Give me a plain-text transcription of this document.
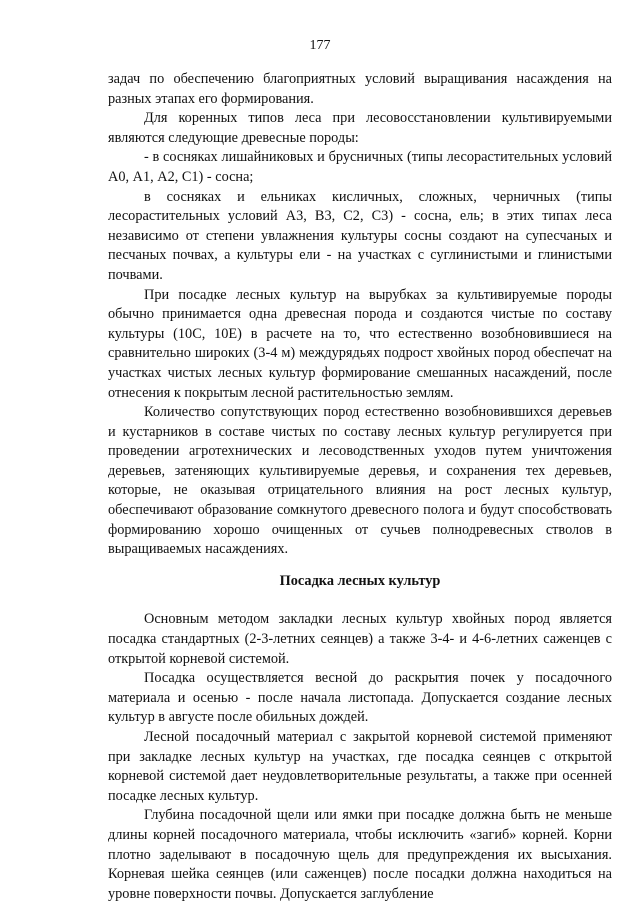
177

задач по обеспечению благоприятных условий выращивания насаждения на разных этапах его формирования.

Для коренных типов леса при лесовосстановлении культивируемыми являются следующие древесные породы:

- в сосняках лишайниковых и брусничных (типы лесорастительных условий А0, А1, А2, С1) - сосна;

в сосняках и ельниках кисличных, сложных, черничных (типы лесорастительных условий А3, В3, С2, С3) - сосна, ель; в этих типах леса независимо от степени увлажнения культуры сосны создают на супесчаных и песчаных почвах, а культуры ели - на участках с суглинистыми и глинистыми почвами.

При посадке лесных культур на вырубках за культивируемые породы обычно принимается одна древесная порода и создаются чистые по составу культуры (10С, 10Е) в расчете на то, что естественно возобновившиеся на сравнительно широких (3-4 м) междурядьях подрост хвойных пород обеспечат на участках чистых лесных культур формирование смешанных насаждений, после отнесения к покрытым лесной растительностью землям.

Количество сопутствующих пород естественно возобновившихся деревьев и кустарников в составе чистых по составу лесных культур регулируется при проведении агротехнических и лесоводственных уходов путем уничтожения деревьев, затеняющих культивируемые деревья, и сохранения тех деревьев, которые, не оказывая отрицательного влияния на рост лесных культур, обеспечивают образование сомкнутого древесного полога и будут способствовать формированию хорошо очищенных от сучьев полнодревесных стволов в выращиваемых насаждениях.

Посадка лесных культур

Основным методом закладки лесных культур хвойных пород является посадка стандартных (2-3-летних сеянцев) а также 3-4- и 4-6-летних саженцев с открытой корневой системой.

Посадка осуществляется весной до раскрытия почек у посадочного материала и осенью - после начала листопада. Допускается создание лесных культур в августе после обильных дождей.

Лесной посадочный материал с закрытой корневой системой применяют при закладке лесных культур на участках, где посадка сеянцев с открытой корневой системой дает неудовлетворительные результаты, а также при осенней посадке лесных культур.

Глубина посадочной щели или ямки при посадке должна быть не меньше длины корней посадочного материала, чтобы исключить «загиб» корней. Корни плотно заделывают в посадочную щель для предупреждения их высыхания. Корневая шейка сеянцев (или саженцев) после посадки должна находиться на уровне поверхности почвы. Допускается заглубление
